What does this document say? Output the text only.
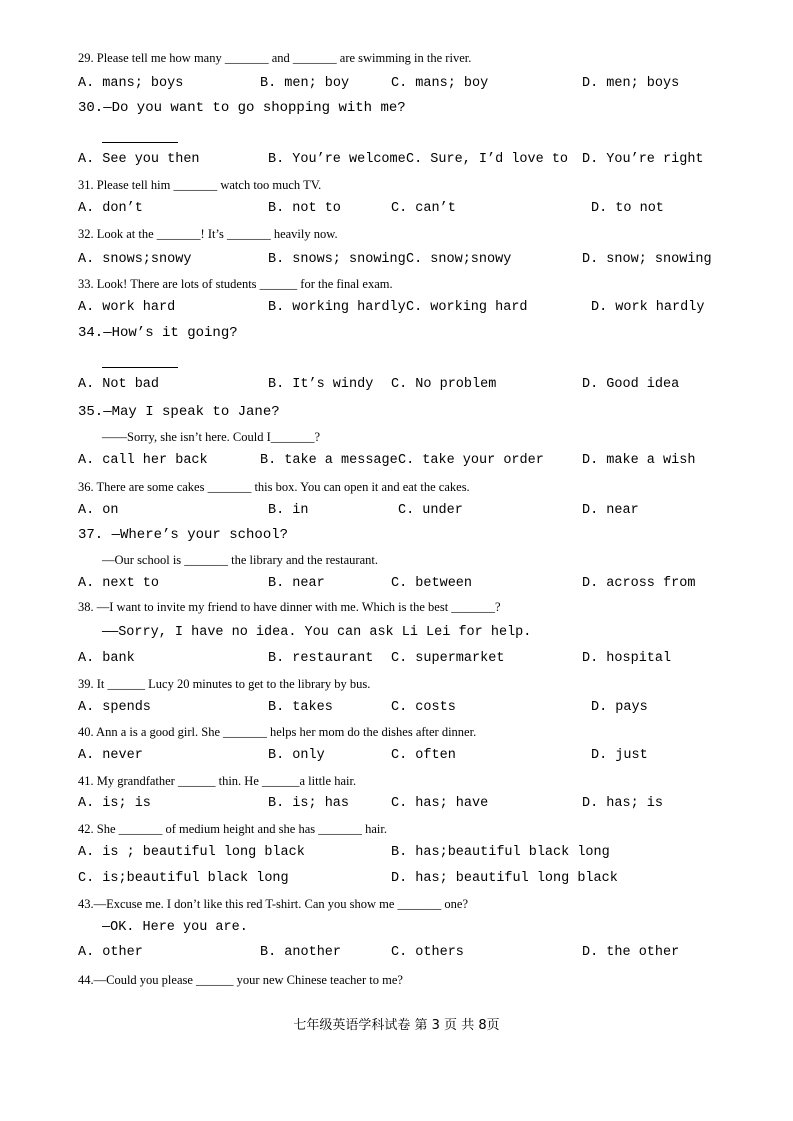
29. Please tell me how many _______ and _______ are swimming in the river.

A. mans; boys

	B. men; boy

	C. mans; boy

	D. men; boys

30.—Do you want to go shopping with me?

A. See you then

	B. You’re welcome

C. Sure, I’d love to

D. You’re right

31. Please tell him _______ watch too much TV.

A. don’t

	B. not to

	C. can’t

	D. to not

32. Look at the _______! It’s _______ heavily now.

A. snows;snowy

	B. snows; snowing

C. snow;snowy

	D. snow; snowing

33. Look! There are lots of students ______ for the final exam.

A. work hard

	B. working hardly

C. working hard

	D. work hardly

34.—How’s it going?

A. Not bad

	B. It’s windy

C. No problem

	D. Good idea

35.—May I speak to Jane?
——Sorry, she isn’t here. Could I_______?

A. call her back

	B. take a message

C. take your order

	D. make a wish

36. There are some cakes _______ this box. You can open it and eat the cakes.

A. on

	B. in

	C. under

	D. near

37. —Where’s your school?
—Our school is _______ the library and the restaurant.

A. next to

	B. near

	C. between

	D. across from

38. —I want to invite my friend to have dinner with me. Which is the best _______?
——Sorry, I have no idea. You can ask Li Lei for help.

A. bank

	B. restaurant

C. supermarket

	D. hospital

39. It ______ Lucy 20 minutes to get to the library by bus.

A. spends

	B. takes

	C. costs

	D. pays

40. Ann a is a good girl. She _______ helps her mom do the dishes after dinner.

A. never

	B. only

	C. often

	D. just

41. My grandfather ______ thin. He ______a little hair.

A. is; is

	B. is; has

	C. has; have

	D. has; is

42. She _______ of medium height and she has _______ hair.

A. is ; beautiful long black

	B. has;beautiful black long

C. is;beautiful black long

	D. has; beautiful long black

43.—Excuse me. I don’t like this red T-shirt. Can you show me _______ one?
—OK. Here you are.

A. other

	B. another

	C. others

	D. the other

44.—Could you please ______ your new Chinese teacher to me?
七年级英语学科试卷 第 3 页 共 8页
